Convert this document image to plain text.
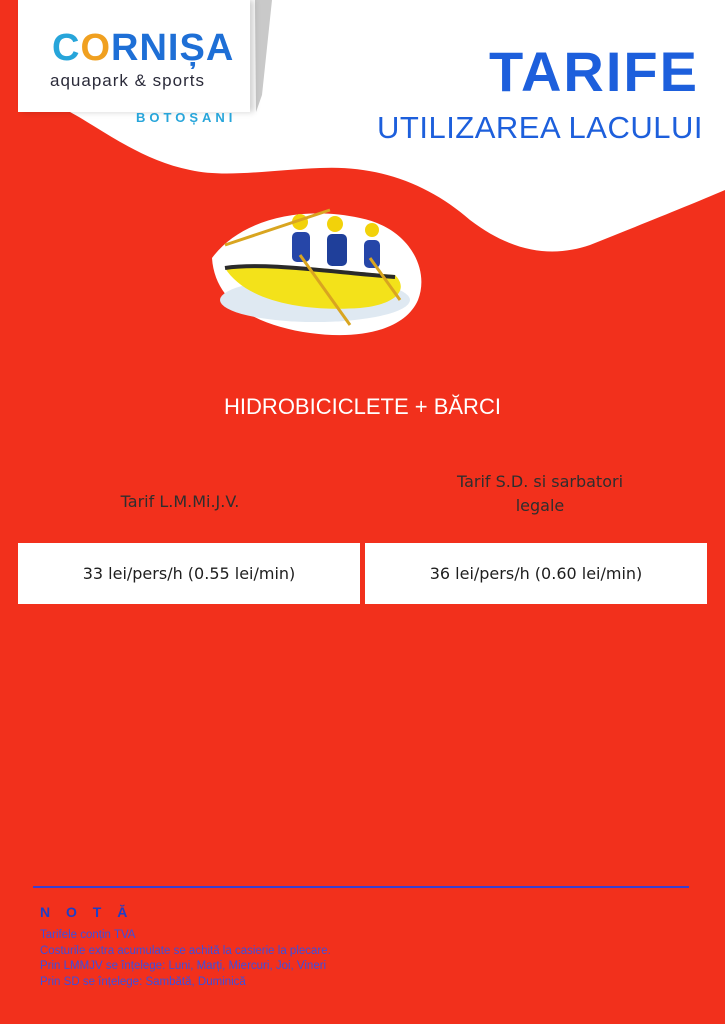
CORNIȘA
aquapark & sports
BOTOȘANI
TARIFE
UTILIZAREA LACULUI
HIDROBICICLETE + BĂRCI
Tarif L.M.Mi.J.V.
Tarif S.D. si sarbatori
legale
33 lei/pers/h (0.55 lei/min)	36 lei/pers/h (0.60 lei/min)
N O T Ă
Tarifele conțin TVA
Costurile extra acumulate se achită la casierie la plecare.
Prin LMMJV se înțelege: Luni, Marți, Miercuri, Joi, Vineri
Prin SD se înțelege: Sambătă, Duminică
